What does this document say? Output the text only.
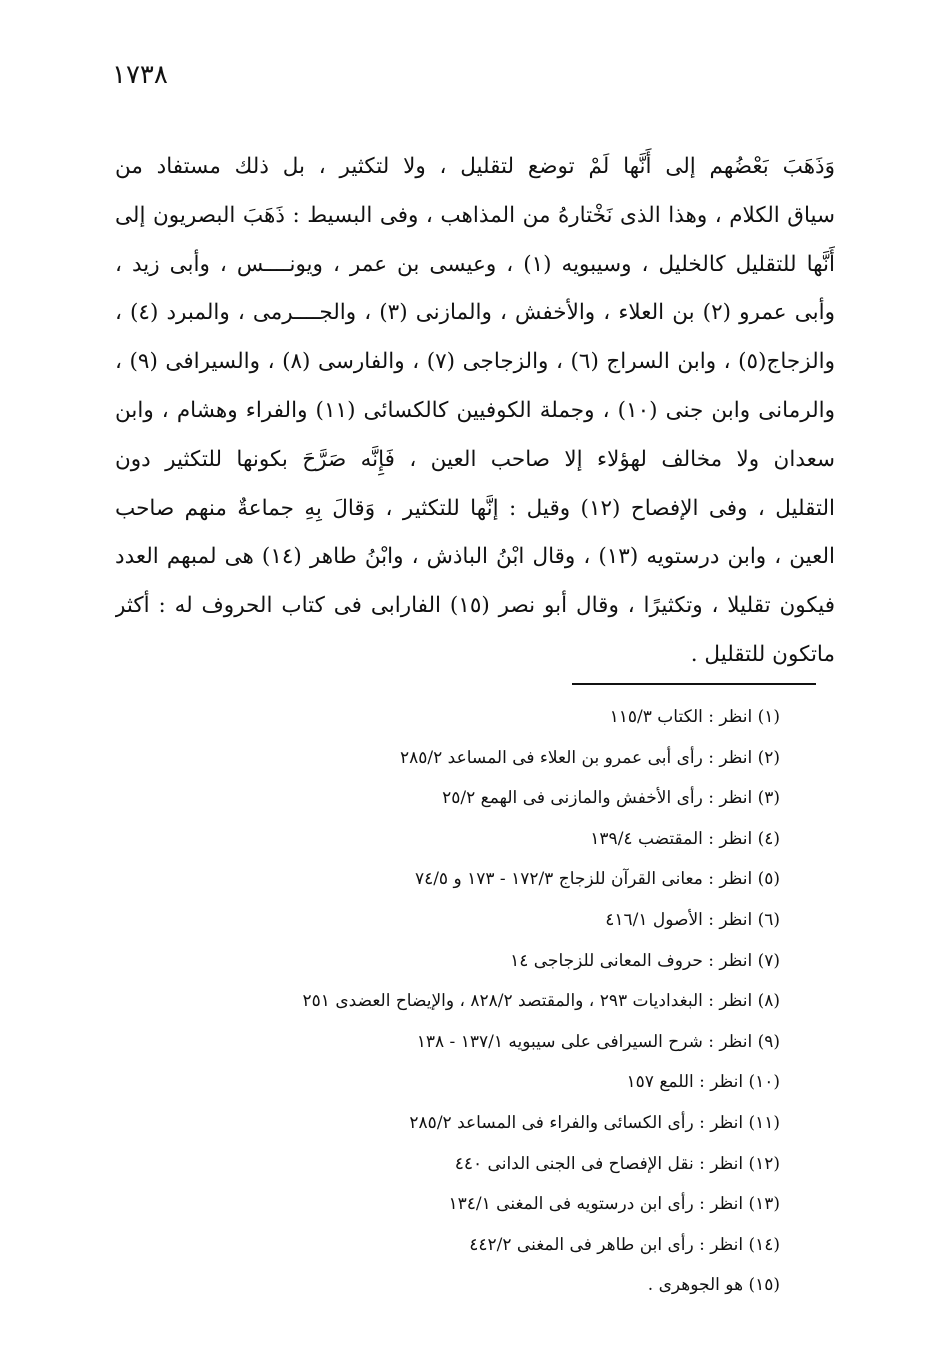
١٧٣٨
وَذَهَبَ بَعْضُهم إلى أَنَّها لَمْ توضع لتقليل ، ولا لتكثير ، بل ذلك مستفاد من
سياق الكلام ، وهذا الذى نَخْتارهُ من المذاهب ، وفى البسيط : ذَهَبَ البصريون إلى
أَنَّها للتقليل كالخليل ، وسيبويه (١) ، وعيسى بن عمر ، ويونــــس ، وأبى زيد ،
وأبى عمرو (٢) بن العلاء ، والأخفش ، والمازنى (٣) ، والجــــرمى ، والمبرد (٤) ،
والزجاج(٥) ، وابن السراج (٦) ، والزجاجى (٧) ، والفارسى (٨) ، والسيرافى (٩) ،
والرمانى وابن جنى (١٠) ، وجملة الكوفيين كالكسائى (١١) والفراء وهشام ، وابن
سعدان ولا مخالف لهؤلاء إلا صاحب العين ، فَإِنَّه صَرَّحَ بكونها للتكثير دون
التقليل ، وفى الإفصاح (١٢) وقيل : إنَّها للتكثير ، وَقالَ بِهِ جماعةٌ منهم صاحب
العين ، وابن درستويه (١٣) ، وقال ابْنُ الباذش ، وابْنُ طاهر (١٤) هى لمبهم العدد
فيكون تقليلا ، وتكثيرًا ، وقال أبو نصر (١٥) الفارابى فى كتاب الحروف له : أكثر
ماتكون للتقليل .
(١) انظر : الكتاب ١١٥/٣
(٢) انظر : رأى أبى عمرو بن العلاء فى المساعد ٢٨٥/٢
(٣) انظر : رأى الأخفش والمازنى فى الهمع ٢٥/٢
(٤) انظر : المقتضب ١٣٩/٤
(٥) انظر : معانى القرآن للزجاج ١٧٢/٣ - ١٧٣ و ٧٤/٥
(٦) انظر : الأصول ٤١٦/١
(٧) انظر : حروف المعانى للزجاجى ١٤
(٨) انظر : البغداديات ٢٩٣ ، والمقتصد ٨٢٨/٢ ، والإيضاح العضدى ٢٥١
(٩) انظر : شرح السيرافى على سيبويه ١٣٧/١ - ١٣٨
(١٠) انظر : اللمع ١٥٧
(١١) انظر : رأى الكسائى والفراء فى المساعد ٢٨٥/٢
(١٢) انظر : نقل الإفصاح فى الجنى الدانى ٤٤٠
(١٣) انظر : رأى ابن درستويه فى المغنى ١٣٤/١
(١٤) انظر : رأى ابن طاهر فى المغنى ٤٤٢/٢
(١٥) هو الجوهرى .
